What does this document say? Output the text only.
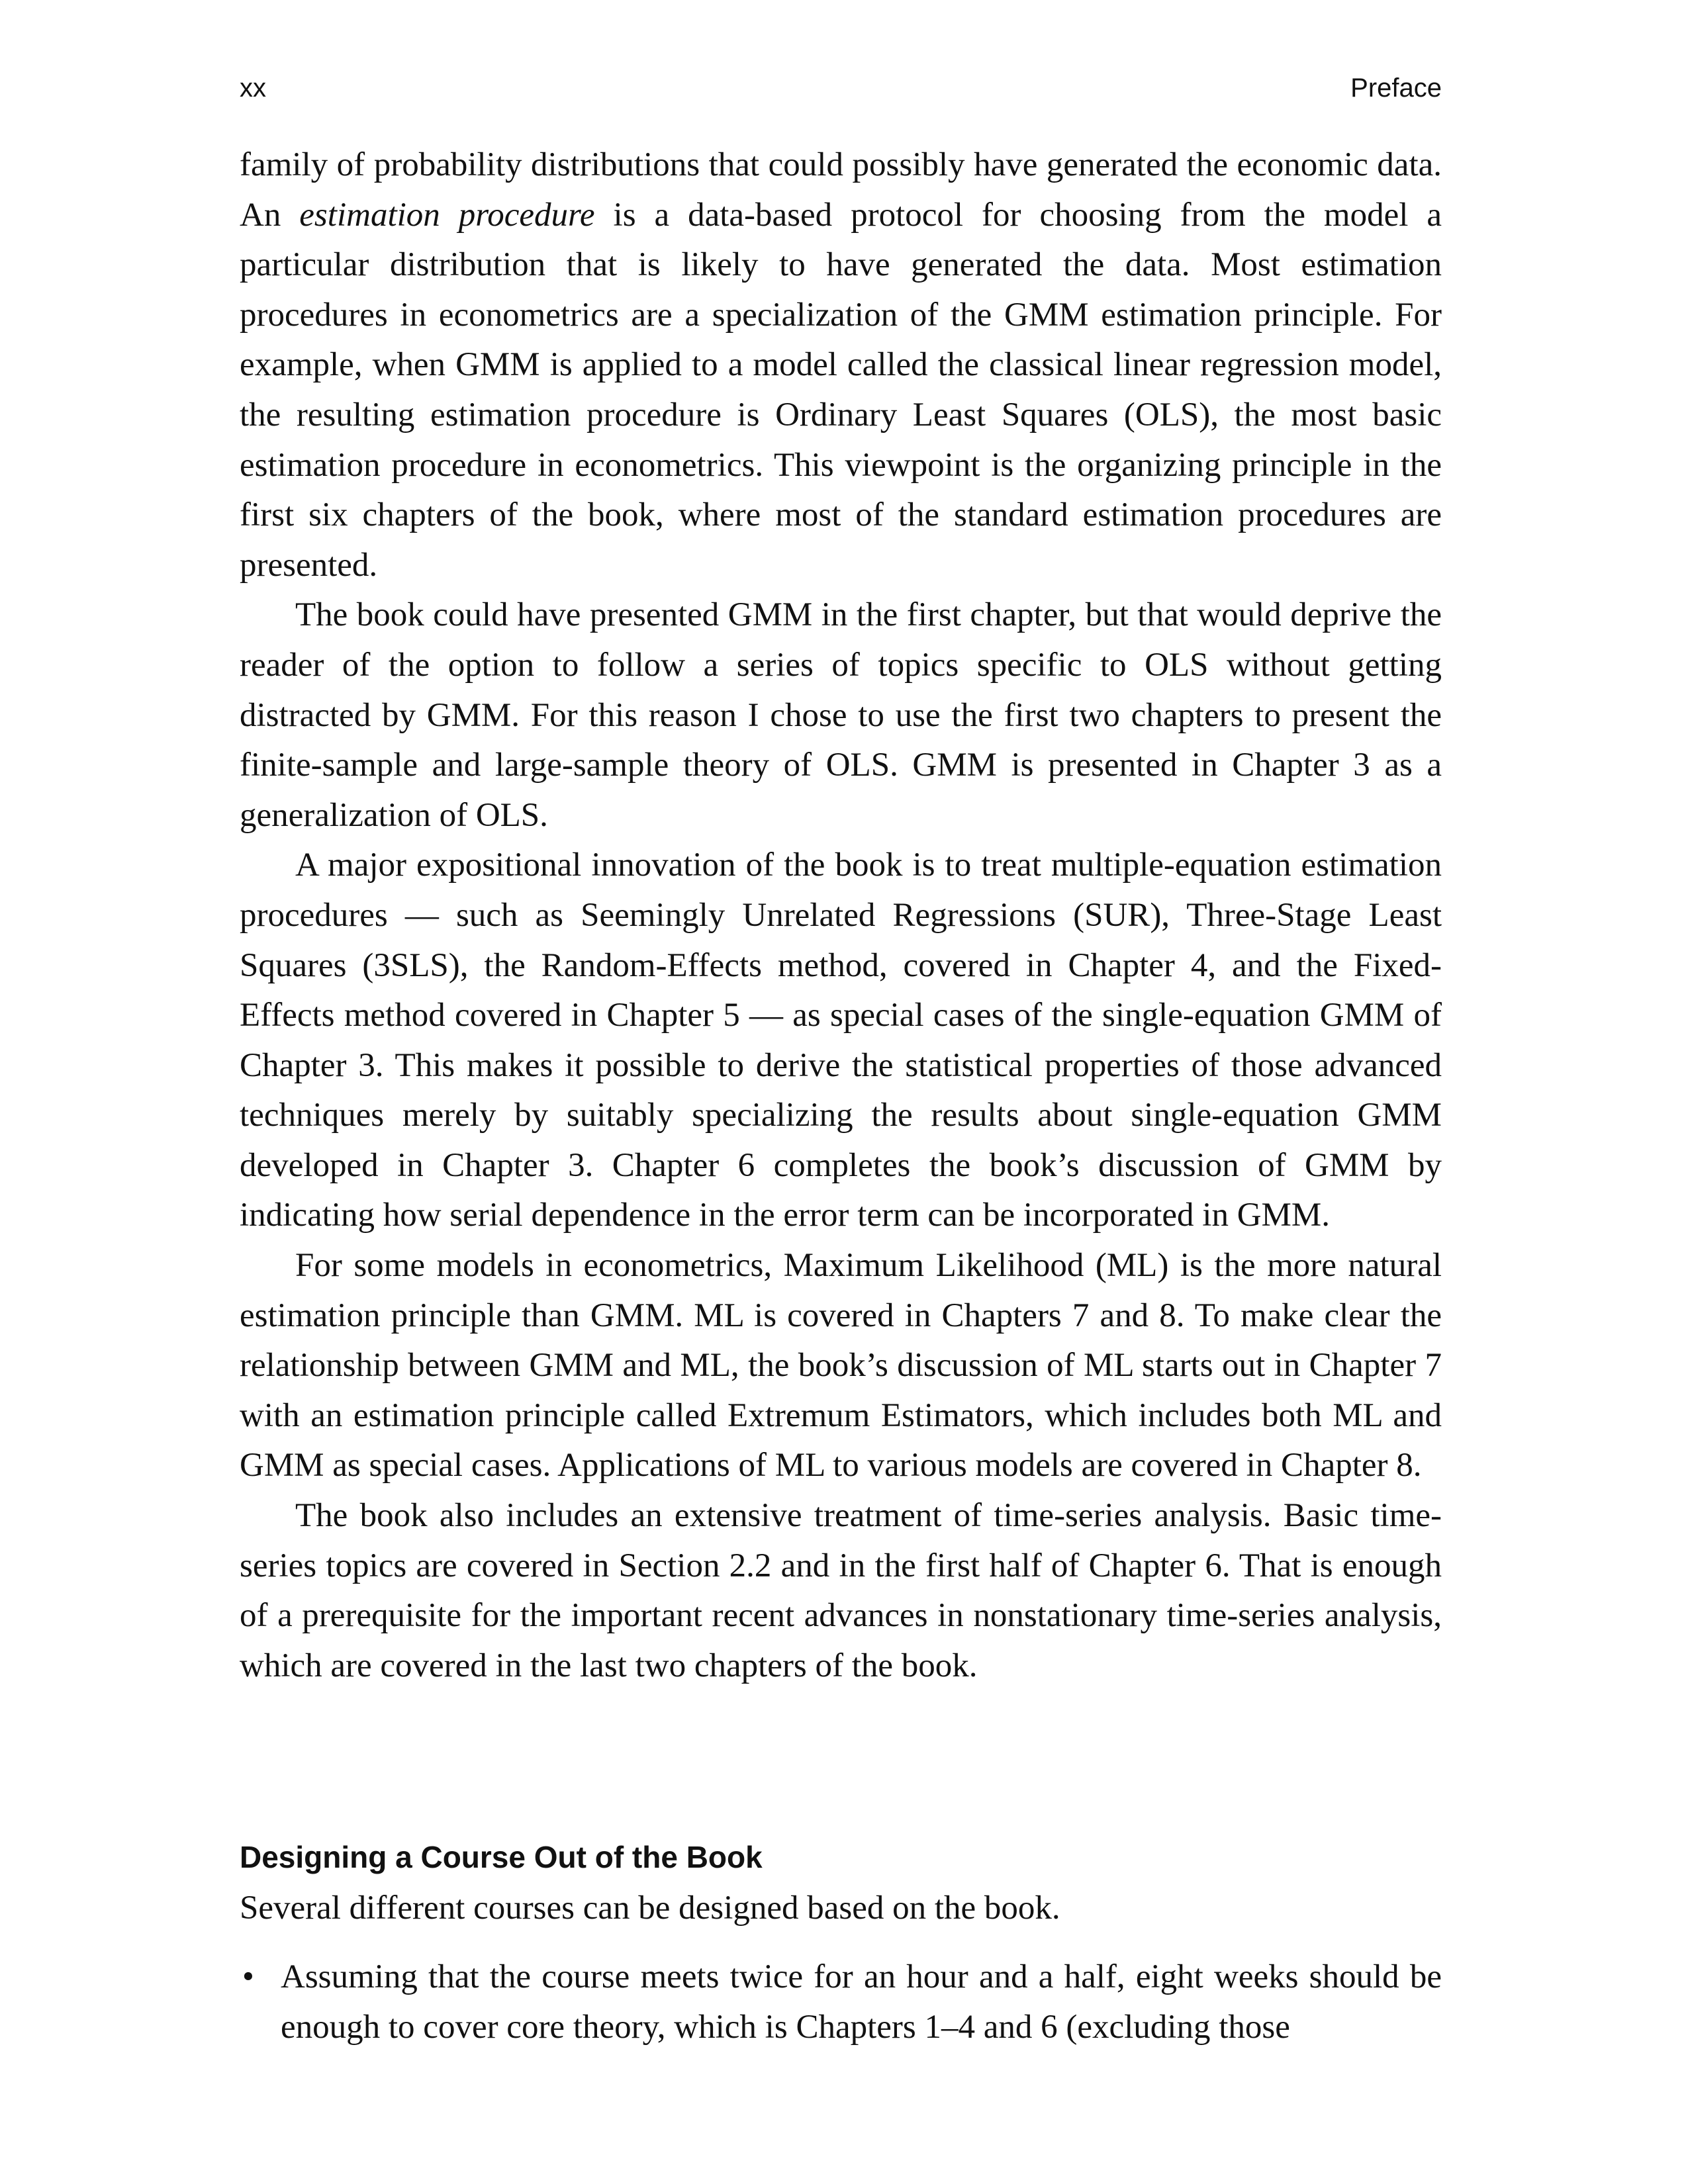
xx	Preface

family of probability distributions that could possibly have generated the economic data. An estimation procedure is a data-based protocol for choosing from the model a particular distribution that is likely to have generated the data. Most estimation procedures in econometrics are a specialization of the GMM estimation principle. For example, when GMM is applied to a model called the classical linear regression model, the resulting estimation procedure is Ordinary Least Squares (OLS), the most basic estimation procedure in econometrics. This viewpoint is the organizing principle in the first six chapters of the book, where most of the standard estimation procedures are presented.

The book could have presented GMM in the first chapter, but that would deprive the reader of the option to follow a series of topics specific to OLS without getting distracted by GMM. For this reason I chose to use the first two chapters to present the finite-sample and large-sample theory of OLS. GMM is presented in Chapter 3 as a generalization of OLS.

A major expositional innovation of the book is to treat multiple-equation estimation procedures — such as Seemingly Unrelated Regressions (SUR), Three-Stage Least Squares (3SLS), the Random-Effects method, covered in Chapter 4, and the Fixed-Effects method covered in Chapter 5 — as special cases of the single-equation GMM of Chapter 3. This makes it possible to derive the statistical properties of those advanced techniques merely by suitably specializing the results about single-equation GMM developed in Chapter 3. Chapter 6 completes the book’s discussion of GMM by indicating how serial dependence in the error term can be incorporated in GMM.

For some models in econometrics, Maximum Likelihood (ML) is the more natural estimation principle than GMM. ML is covered in Chapters 7 and 8. To make clear the relationship between GMM and ML, the book’s discussion of ML starts out in Chapter 7 with an estimation principle called Extremum Estimators, which includes both ML and GMM as special cases. Applications of ML to various models are covered in Chapter 8.

The book also includes an extensive treatment of time-series analysis. Basic time-series topics are covered in Section 2.2 and in the first half of Chapter 6. That is enough of a prerequisite for the important recent advances in nonstationary time-series analysis, which are covered in the last two chapters of the book.

Designing a Course Out of the Book

Several different courses can be designed based on the book.

• Assuming that the course meets twice for an hour and a half, eight weeks should be enough to cover core theory, which is Chapters 1–4 and 6 (excluding those
